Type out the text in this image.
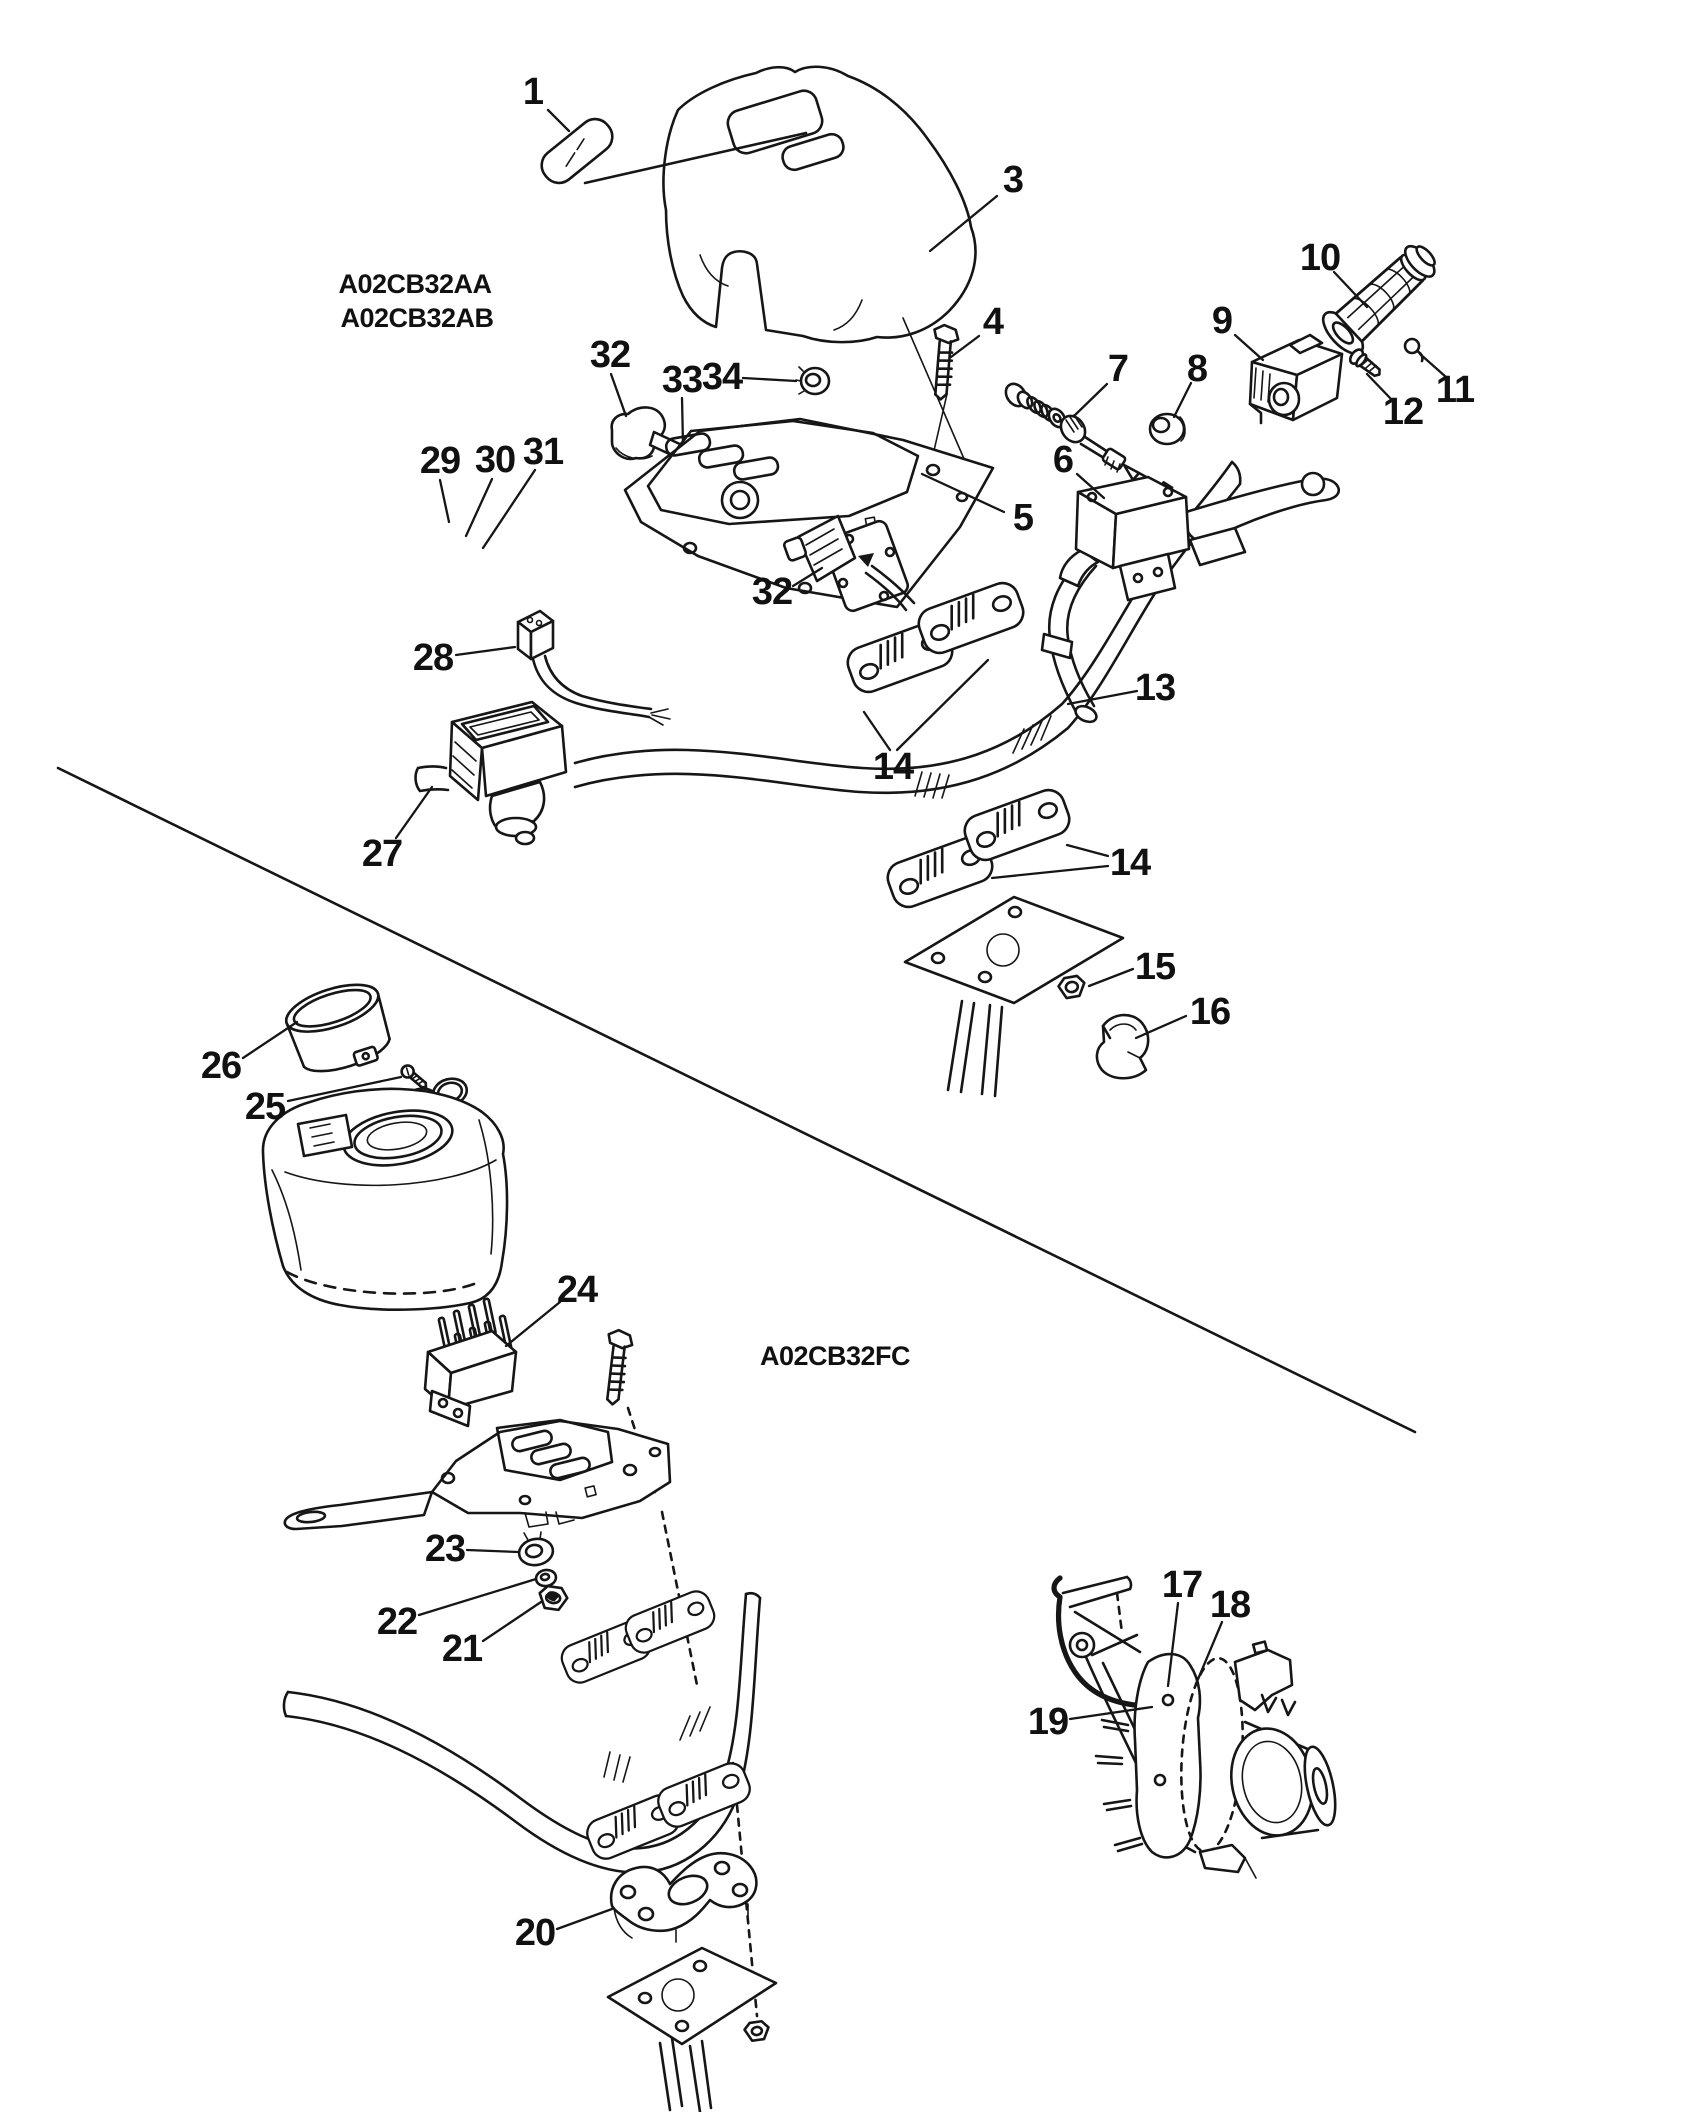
A02CB32AA
A02CB32AB
A02CB32FC
1
3
4
5
6
7 8
9
10
11
12
13
14
14
15
16
17 18
19
20
21
22
23
24
25
26
27
28
29 30 31
32
32
33 34
